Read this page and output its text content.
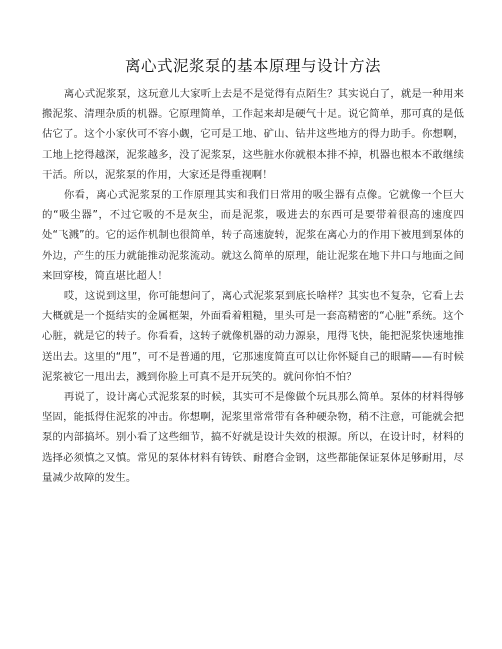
离心式泥浆泵的基本原理与设计方法

离心式泥浆泵，这玩意儿大家听上去是不是觉得有点陌生？其实说白了，就是一种用来搬泥浆、清理杂质的机器。它原理简单，工作起来却是硬气十足。说它简单，那可真的是低估它了。这个小家伙可不容小觑，它可是工地、矿山、钻井这些地方的得力助手。你想啊，工地上挖得越深，泥浆越多，没了泥浆泵，这些脏水你就根本排不掉，机器也根本不敢继续干活。所以，泥浆泵的作用，大家还是得重视啊！

你看，离心式泥浆泵的工作原理其实和我们日常用的吸尘器有点像。它就像一个巨大的“吸尘器”，不过它吸的不是灰尘，而是泥浆，吸进去的东西可是要带着很高的速度四处“飞溅”的。它的运作机制也很简单，转子高速旋转，泥浆在离心力的作用下被甩到泵体的外边，产生的压力就能推动泥浆流动。就这么简单的原理，能让泥浆在地下井口与地面之间来回穿梭，简直堪比超人！

哎，这说到这里，你可能想问了，离心式泥浆泵到底长啥样？其实也不复杂，它看上去大概就是一个挺结实的金属框架，外面看着粗糙，里头可是一套高精密的“心脏”系统。这个心脏，就是它的转子。你看看，这转子就像机器的动力源泉，甩得飞快，能把泥浆快速地推送出去。这里的“甩”，可不是普通的甩，它那速度简直可以让你怀疑自己的眼睛——有时候泥浆被它一甩出去，溅到你脸上可真不是开玩笑的。就问你怕不怕？

再说了，设计离心式泥浆泵的时候，其实可不是像做个玩具那么简单。泵体的材料得够坚固，能抵得住泥浆的冲击。你想啊，泥浆里常常带有各种硬杂物，稍不注意，可能就会把泵的内部搞坏。别小看了这些细节，搞不好就是设计失效的根源。所以，在设计时，材料的选择必须慎之又慎。常见的泵体材料有铸铁、耐磨合金钢，这些都能保证泵体足够耐用，尽量减少故障的发生。
